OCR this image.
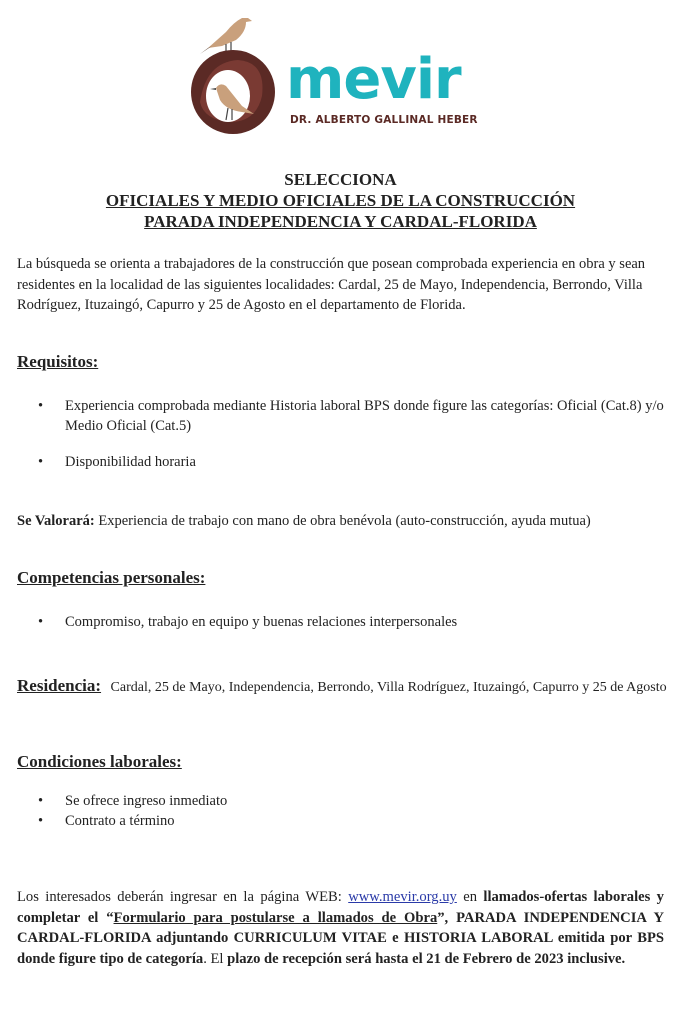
mevir
DR. ALBERTO GALLINAL HEBER
SELECCIONA
OFICIALES Y MEDIO OFICIALES DE LA CONSTRUCCIÓN
PARADA INDEPENDENCIA Y CARDAL-FLORIDA
La búsqueda se orienta a trabajadores de la construcción que posean comprobada experiencia en obra y sean residentes en la localidad de las siguientes localidades: Cardal, 25 de Mayo, Independencia, Berrondo, Villa Rodríguez, Ituzaingó, Capurro y 25 de Agosto en el departamento de Florida.
Requisitos:
• Experiencia comprobada mediante Historia laboral BPS donde figure las categorías: Oficial (Cat.8) y/o Medio Oficial (Cat.5)
• Disponibilidad horaria
Se Valorará: Experiencia de trabajo con mano de obra benévola (auto-construcción, ayuda mutua)
Competencias personales:
• Compromiso, trabajo en equipo y buenas relaciones interpersonales
Residencia: Cardal, 25 de Mayo, Independencia, Berrondo, Villa Rodríguez, Ituzaingó, Capurro y 25 de Agosto
Condiciones laborales:
• Se ofrece ingreso inmediato
• Contrato a término
Los interesados deberán ingresar en la página WEB: www.mevir.org.uy en llamados-ofertas laborales y completar el “Formulario para postularse a llamados de Obra”, PARADA INDEPENDENCIA Y CARDAL-FLORIDA adjuntando CURRICULUM VITAE e HISTORIA LABORAL emitida por BPS donde figure tipo de categoría. El plazo de recepción será hasta el 21 de Febrero de 2023 inclusive.
